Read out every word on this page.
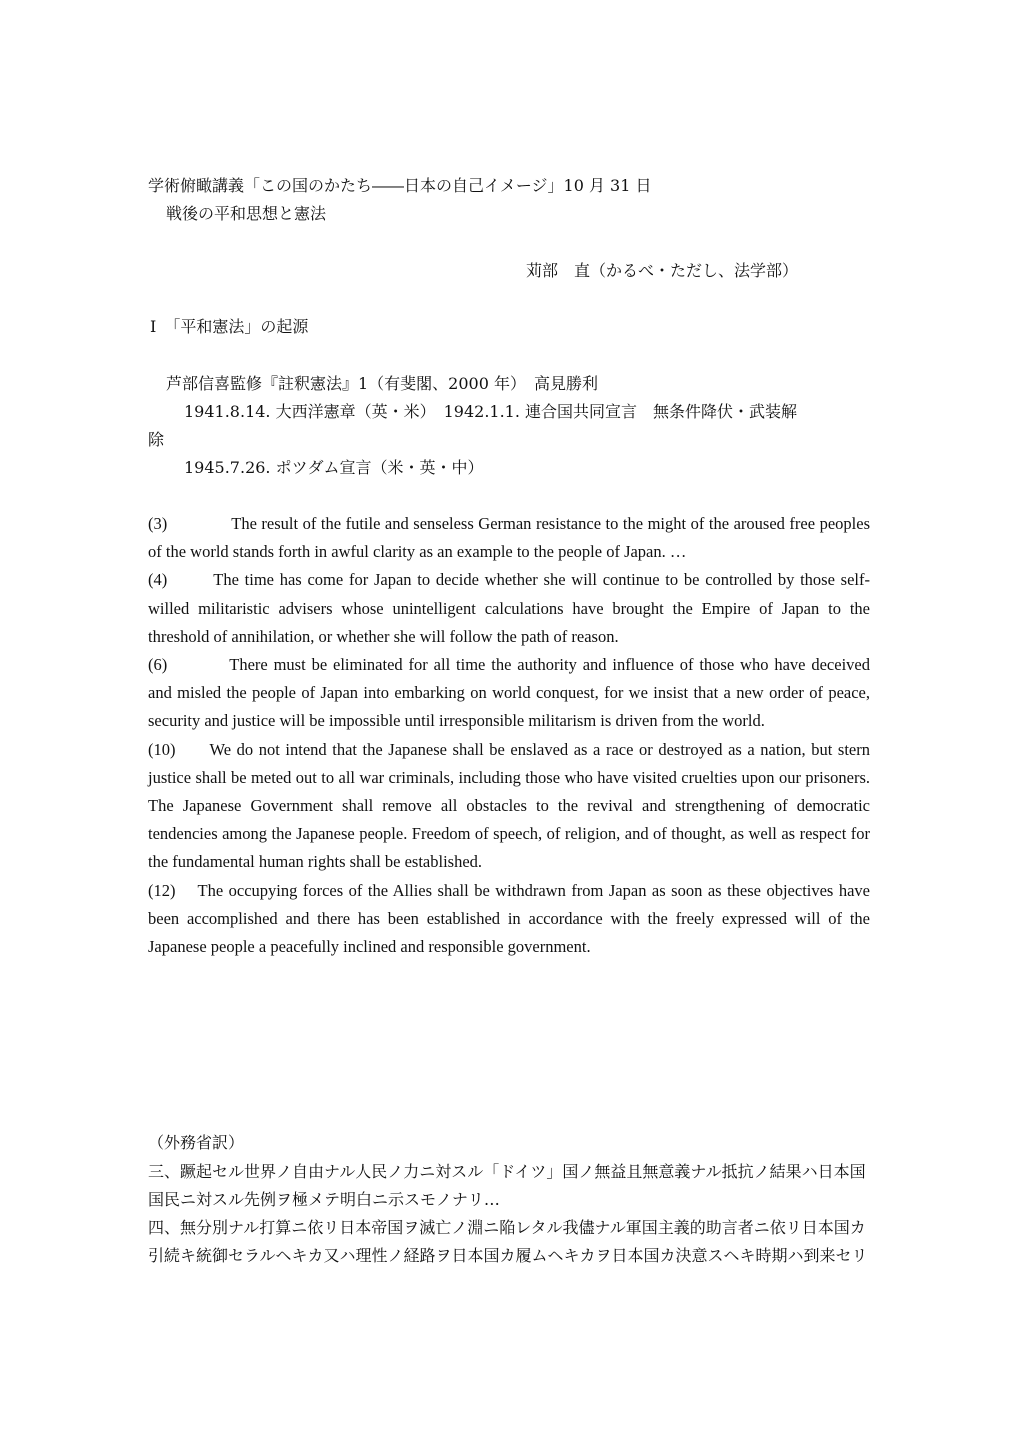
学術俯瞰講義「この国のかたち――日本の自己イメージ」10 月 31 日
戦後の平和思想と憲法
苅部　直（かるべ・ただし、法学部）
Ⅰ　「平和憲法」の起源
芦部信喜監修『註釈憲法』1（有斐閣、2000 年）　高見勝利
1941.8.14. 大西洋憲章（英・米）　1942.1.1. 連合国共同宣言　無条件降伏・武装解
除
1945.7.26. ポツダム宣言（米・英・中）
(3)	The result of the futile and senseless German resistance to the might of the aroused free peoples of the world stands forth in awful clarity as an example to the people of Japan. …
(4)	The time has come for Japan to decide whether she will continue to be controlled by those self-willed militaristic advisers whose unintelligent calculations have brought the Empire of Japan to the threshold of annihilation, or whether she will follow the path of reason.
(6)	There must be eliminated for all time the authority and influence of those who have deceived and misled the people of Japan into embarking on world conquest, for we insist that a new order of peace, security and justice will be impossible until irresponsible militarism is driven from the world.
(10) We do not intend that the Japanese shall be enslaved as a race or destroyed as a nation, but stern justice shall be meted out to all war criminals, including those who have visited cruelties upon our prisoners. The Japanese Government shall remove all obstacles to the revival and strengthening of democratic tendencies among the Japanese people. Freedom of speech, of religion, and of thought, as well as respect for the fundamental human rights shall be established.
(12) The occupying forces of the Allies shall be withdrawn from Japan as soon as these objectives have been accomplished and there has been established in accordance with the freely expressed will of the Japanese people a peacefully inclined and responsible government.
（外務省訳）
三、蹶起セル世界ノ自由ナル人民ノ力ニ対スル「ドイツ」国ノ無益且無意義ナル抵抗ノ結果ハ日本国国民ニ対スル先例ヲ極メテ明白ニ示スモノナリ…
四、無分別ナル打算ニ依リ日本帝国ヲ滅亡ノ淵ニ陥レタル我儘ナル軍国主義的助言者ニ依リ日本国カ引続キ統御セラルヘキカ又ハ理性ノ経路ヲ日本国カ履ムヘキカヲ日本国カ決意スヘキ時期ハ到来セリ
